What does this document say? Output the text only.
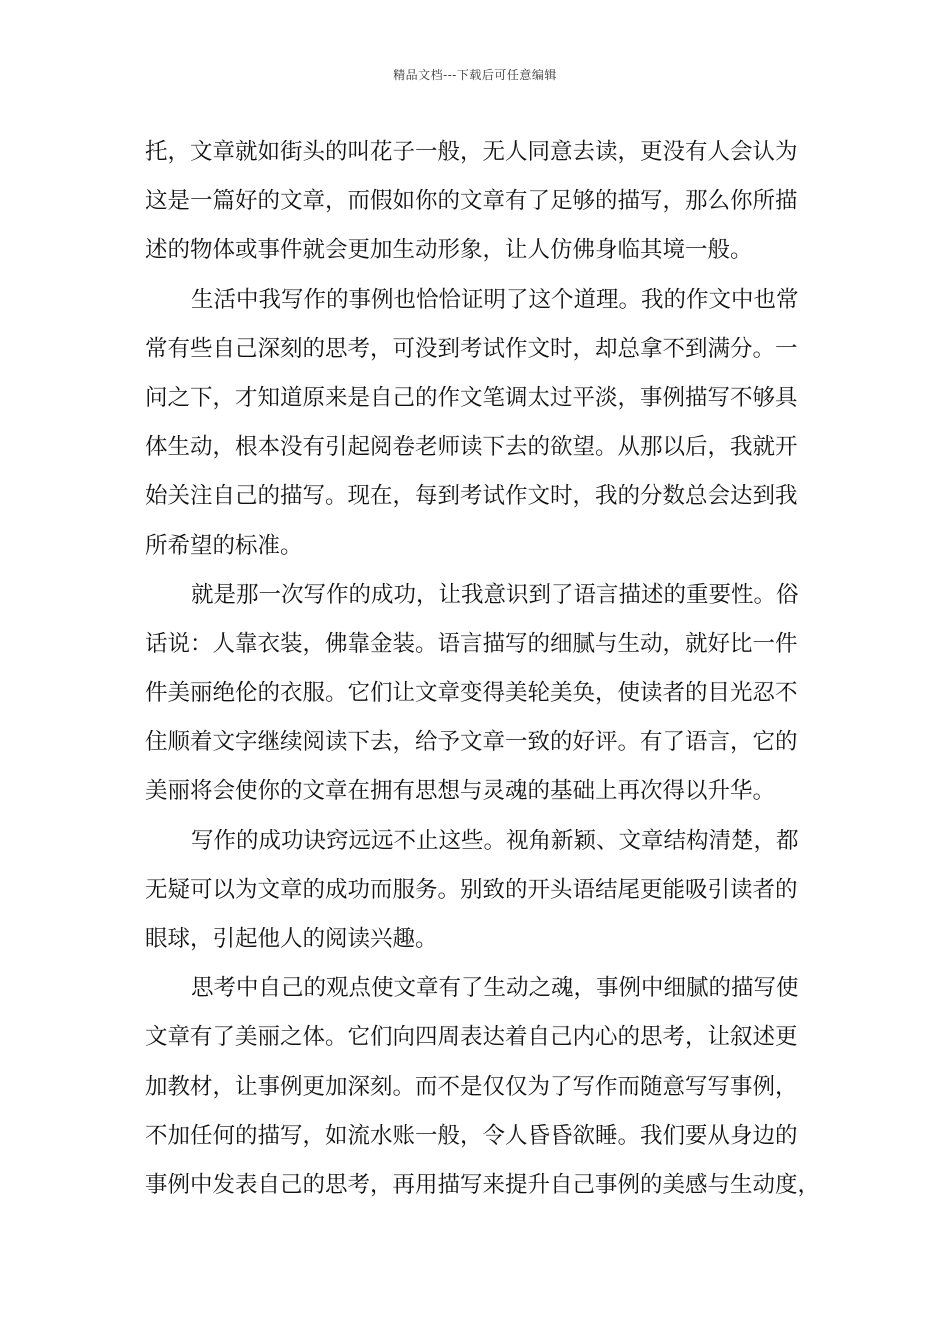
精品文档---下载后可任意编辑
托，文章就如街头的叫花子一般，无人同意去读，更没有人会认为
这是一篇好的文章，而假如你的文章有了足够的描写，那么你所描
述的物体或事件就会更加生动形象，让人仿佛身临其境一般。
生活中我写作的事例也恰恰证明了这个道理。我的作文中也常
常有些自己深刻的思考，可没到考试作文时，却总拿不到满分。一
问之下，才知道原来是自己的作文笔调太过平淡，事例描写不够具
体生动，根本没有引起阅卷老师读下去的欲望。从那以后，我就开
始关注自己的描写。现在，每到考试作文时，我的分数总会达到我
所希望的标准。
就是那一次写作的成功，让我意识到了语言描述的重要性。俗
话说：人靠衣装，佛靠金装。语言描写的细腻与生动，就好比一件
件美丽绝伦的衣服。它们让文章变得美轮美奂，使读者的目光忍不
住顺着文字继续阅读下去，给予文章一致的好评。有了语言，它的
美丽将会使你的文章在拥有思想与灵魂的基础上再次得以升华。
写作的成功诀窍远远不止这些。视角新颖、文章结构清楚，都
无疑可以为文章的成功而服务。别致的开头语结尾更能吸引读者的
眼球，引起他人的阅读兴趣。
思考中自己的观点使文章有了生动之魂，事例中细腻的描写使
文章有了美丽之体。它们向四周表达着自己内心的思考，让叙述更
加教材，让事例更加深刻。而不是仅仅为了写作而随意写写事例，
不加任何的描写，如流水账一般，令人昏昏欲睡。我们要从身边的
事例中发表自己的思考，再用描写来提升自己事例的美感与生动度，
